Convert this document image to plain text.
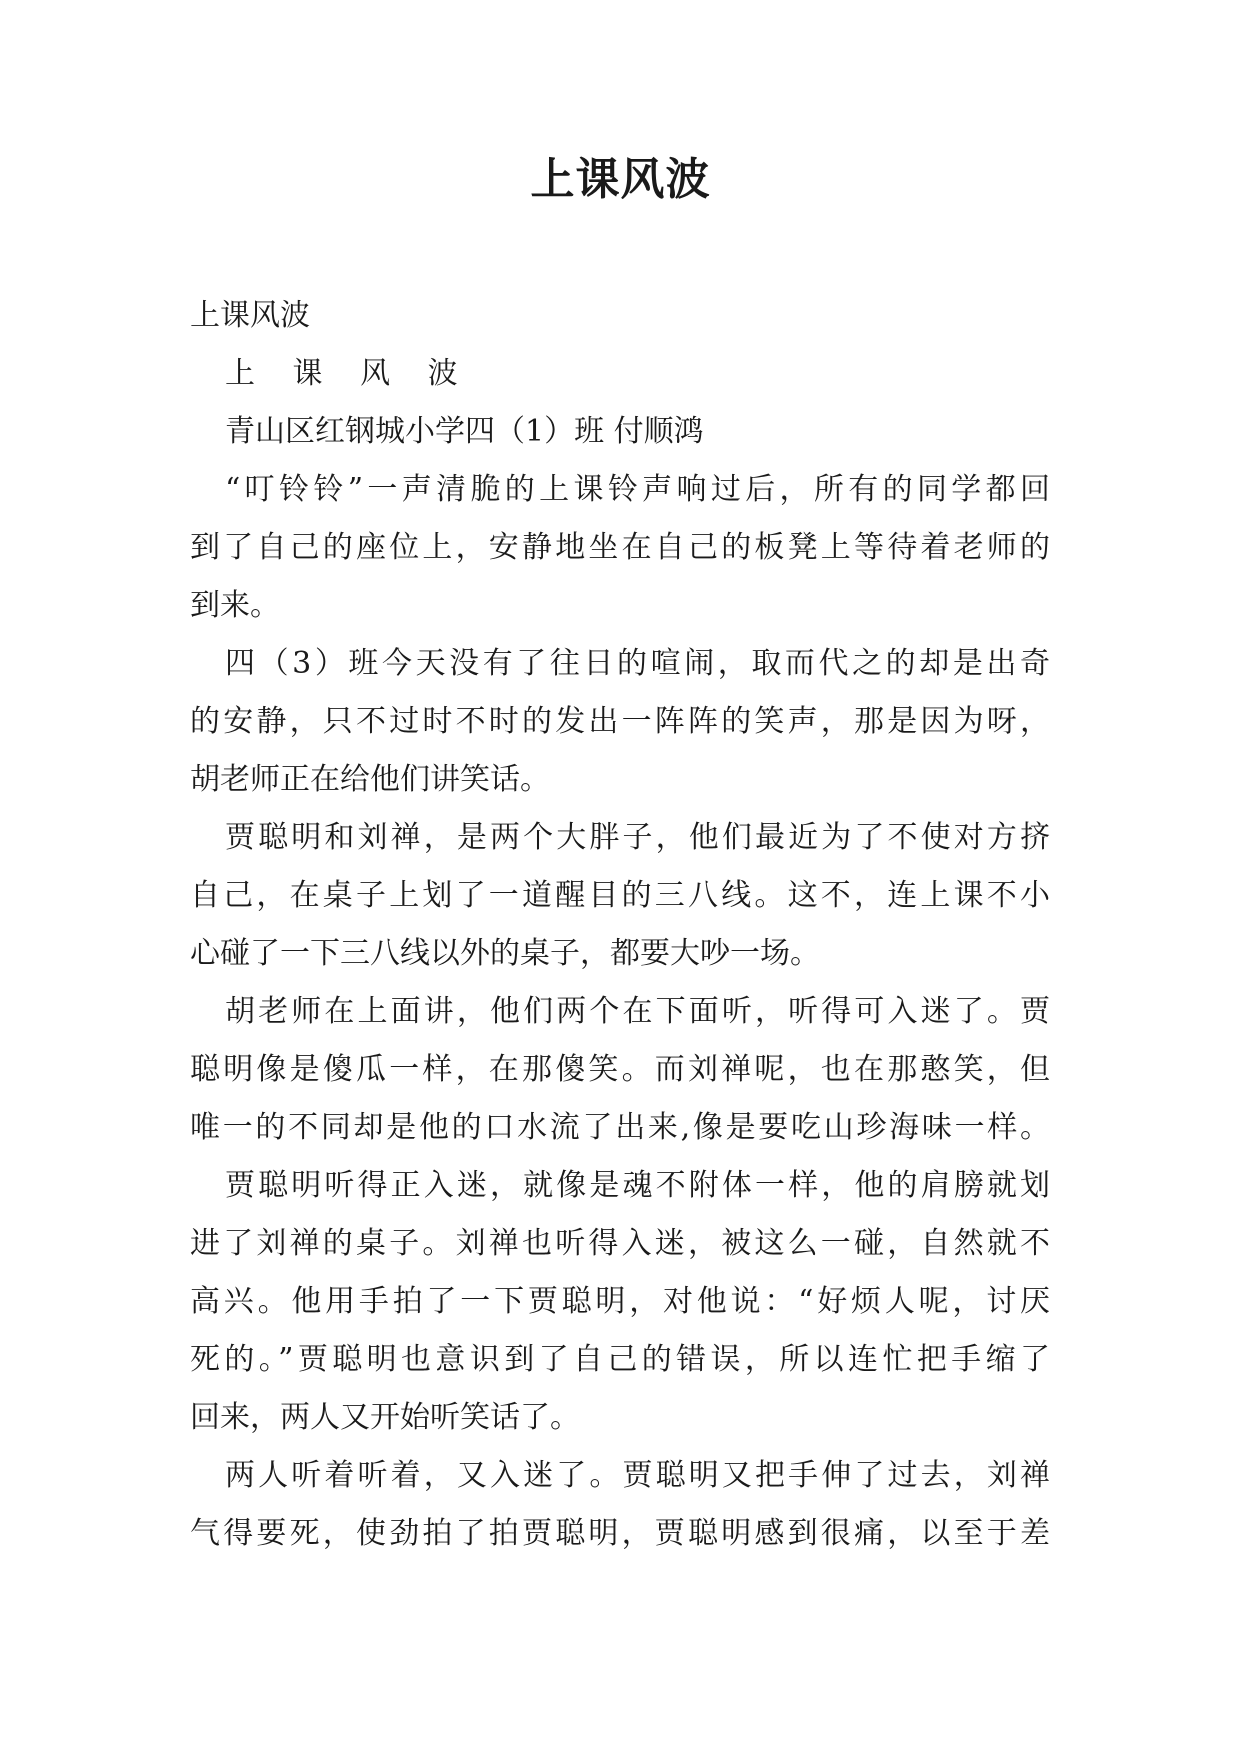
上课风波
上课风波
上 课 风 波
青山区红钢城小学四（1）班 付顺鸿
“叮铃铃”一声清脆的上课铃声响过后，所有的同学都回
到了自己的座位上，安静地坐在自己的板凳上等待着老师的
到来。
四（3）班今天没有了往日的喧闹，取而代之的却是出奇
的安静，只不过时不时的发出一阵阵的笑声，那是因为呀，
胡老师正在给他们讲笑话。
贾聪明和刘禅，是两个大胖子，他们最近为了不使对方挤
自己，在桌子上划了一道醒目的三八线。这不，连上课不小
心碰了一下三八线以外的桌子，都要大吵一场。
胡老师在上面讲，他们两个在下面听，听得可入迷了。贾
聪明像是傻瓜一样，在那傻笑。而刘禅呢，也在那憨笑，但
唯一的不同却是他的口水流了出来,像是要吃山珍海味一样。
贾聪明听得正入迷，就像是魂不附体一样，他的肩膀就划
进了刘禅的桌子。刘禅也听得入迷，被这么一碰，自然就不
高兴。他用手拍了一下贾聪明，对他说：“好烦人呢，讨厌
死的。”贾聪明也意识到了自己的错误，所以连忙把手缩了
回来，两人又开始听笑话了。
两人听着听着，又入迷了。贾聪明又把手伸了过去，刘禅
气得要死，使劲拍了拍贾聪明，贾聪明感到很痛，以至于差
